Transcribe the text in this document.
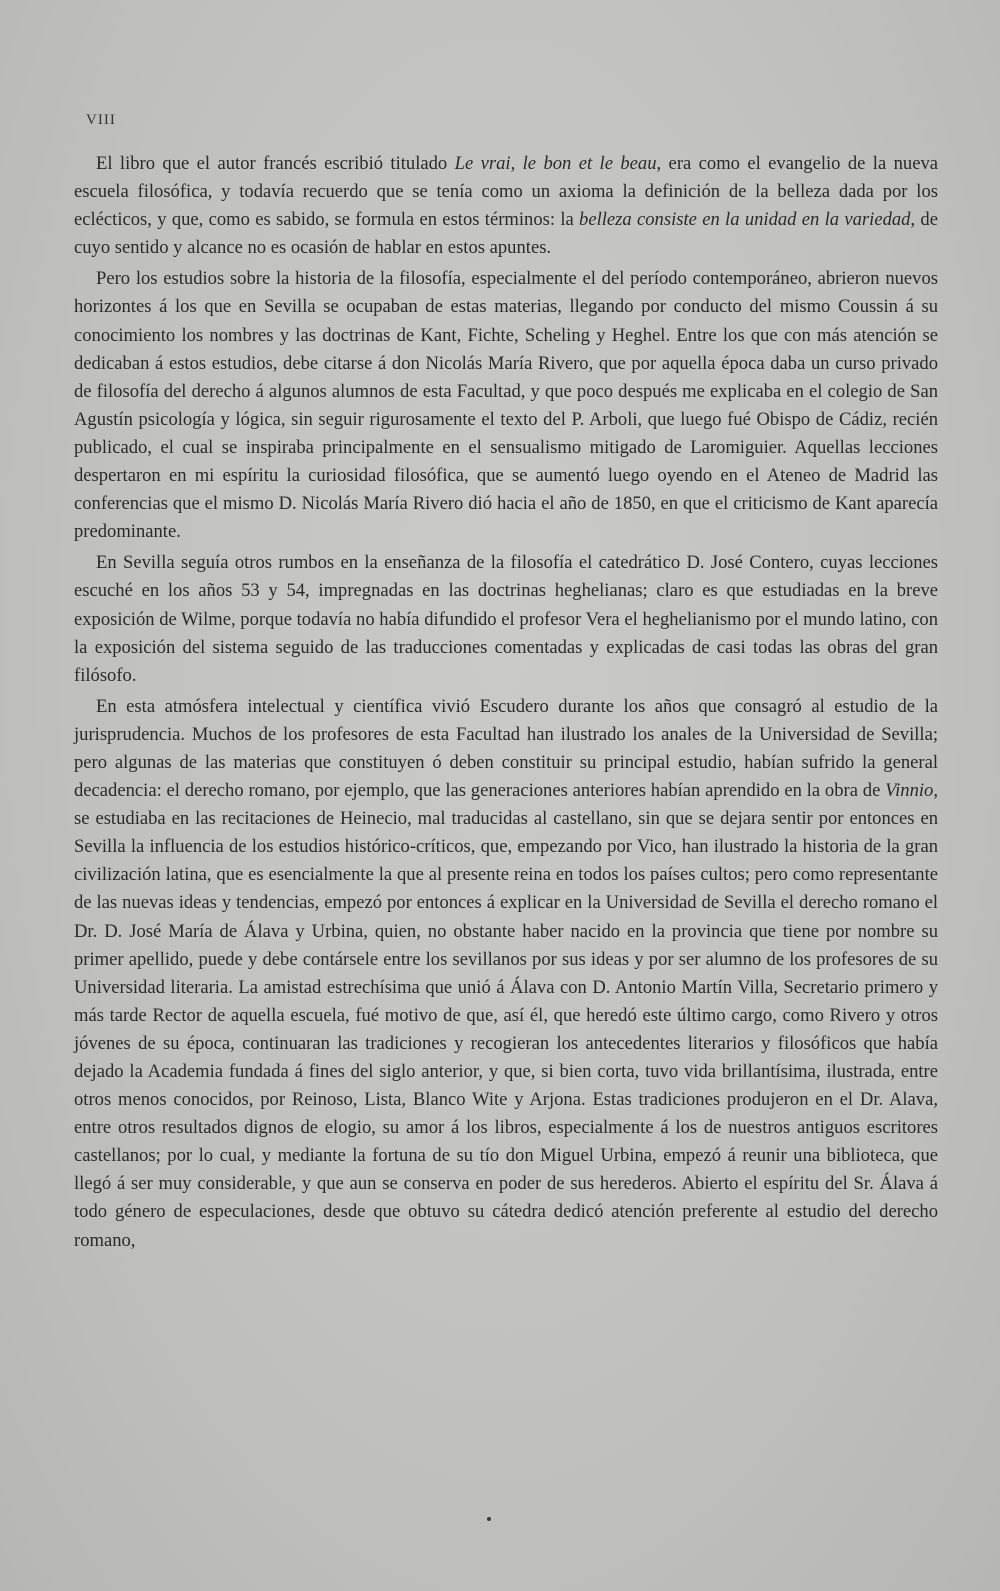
VIII

El libro que el autor francés escribió titulado Le vrai, le bon et le beau, era como el evangelio de la nueva escuela filosófica, y todavía recuerdo que se tenía como un axioma la definición de la belleza dada por los eclécticos, y que, como es sabido, se formula en estos términos: la belleza consiste en la unidad en la variedad, de cuyo sentido y alcance no es ocasión de hablar en estos apuntes.

Pero los estudios sobre la historia de la filosofía, especialmente el del período contemporáneo, abrieron nuevos horizontes á los que en Sevilla se ocupaban de estas materias, llegando por conducto del mismo Coussin á su conocimiento los nombres y las doctrinas de Kant, Fichte, Scheling y Heghel. Entre los que con más atención se dedicaban á estos estudios, debe citarse á don Nicolás María Rivero, que por aquella época daba un curso privado de filosofía del derecho á algunos alumnos de esta Facultad, y que poco después me explicaba en el colegio de San Agustín psicología y lógica, sin seguir rigurosamente el texto del P. Arboli, que luego fué Obispo de Cádiz, recién publicado, el cual se inspiraba principalmente en el sensualismo mitigado de Laromiguier. Aquellas lecciones despertaron en mi espíritu la curiosidad filosófica, que se aumentó luego oyendo en el Ateneo de Madrid las conferencias que el mismo D. Nicolás María Rivero dió hacia el año de 1850, en que el criticismo de Kant aparecía predominante.

En Sevilla seguía otros rumbos en la enseñanza de la filosofía el catedrático D. José Contero, cuyas lecciones escuché en los años 53 y 54, impregnadas en las doctrinas heghelianas; claro es que estudiadas en la breve exposición de Wilme, porque todavía no había difundido el profesor Vera el heghelianismo por el mundo latino, con la exposición del sistema seguido de las traducciones comentadas y explicadas de casi todas las obras del gran filósofo.

En esta atmósfera intelectual y científica vivió Escudero durante los años que consagró al estudio de la jurisprudencia. Muchos de los profesores de esta Facultad han ilustrado los anales de la Universidad de Sevilla; pero algunas de las materias que constituyen ó deben constituir su principal estudio, habían sufrido la general decadencia: el derecho romano, por ejemplo, que las generaciones anteriores habían aprendido en la obra de Vinnio, se estudiaba en las recitaciones de Heinecio, mal traducidas al castellano, sin que se dejara sentir por entonces en Sevilla la influencia de los estudios histórico-críticos, que, empezando por Vico, han ilustrado la historia de la gran civilización latina, que es esencialmente la que al presente reina en todos los países cultos; pero como representante de las nuevas ideas y tendencias, empezó por entonces á explicar en la Universidad de Sevilla el derecho romano el Dr. D. José María de Álava y Urbina, quien, no obstante haber nacido en la provincia que tiene por nombre su primer apellido, puede y debe contársele entre los sevillanos por sus ideas y por ser alumno de los profesores de su Universidad literaria. La amistad estrechísima que unió á Álava con D. Antonio Martín Villa, Secretario primero y más tarde Rector de aquella escuela, fué motivo de que, así él, que heredó este último cargo, como Rivero y otros jóvenes de su época, continuaran las tradiciones y recogieran los antecedentes literarios y filosóficos que había dejado la Academia fundada á fines del siglo anterior, y que, si bien corta, tuvo vida brillantísima, ilustrada, entre otros menos conocidos, por Reinoso, Lista, Blanco Wite y Arjona. Estas tradiciones produjeron en el Dr. Alava, entre otros resultados dignos de elogio, su amor á los libros, especialmente á los de nuestros antiguos escritores castellanos; por lo cual, y mediante la fortuna de su tío don Miguel Urbina, empezó á reunir una biblioteca, que llegó á ser muy considerable, y que aun se conserva en poder de sus herederos. Abierto el espíritu del Sr. Álava á todo género de especulaciones, desde que obtuvo su cátedra dedicó atención preferente al estudio del derecho romano,
